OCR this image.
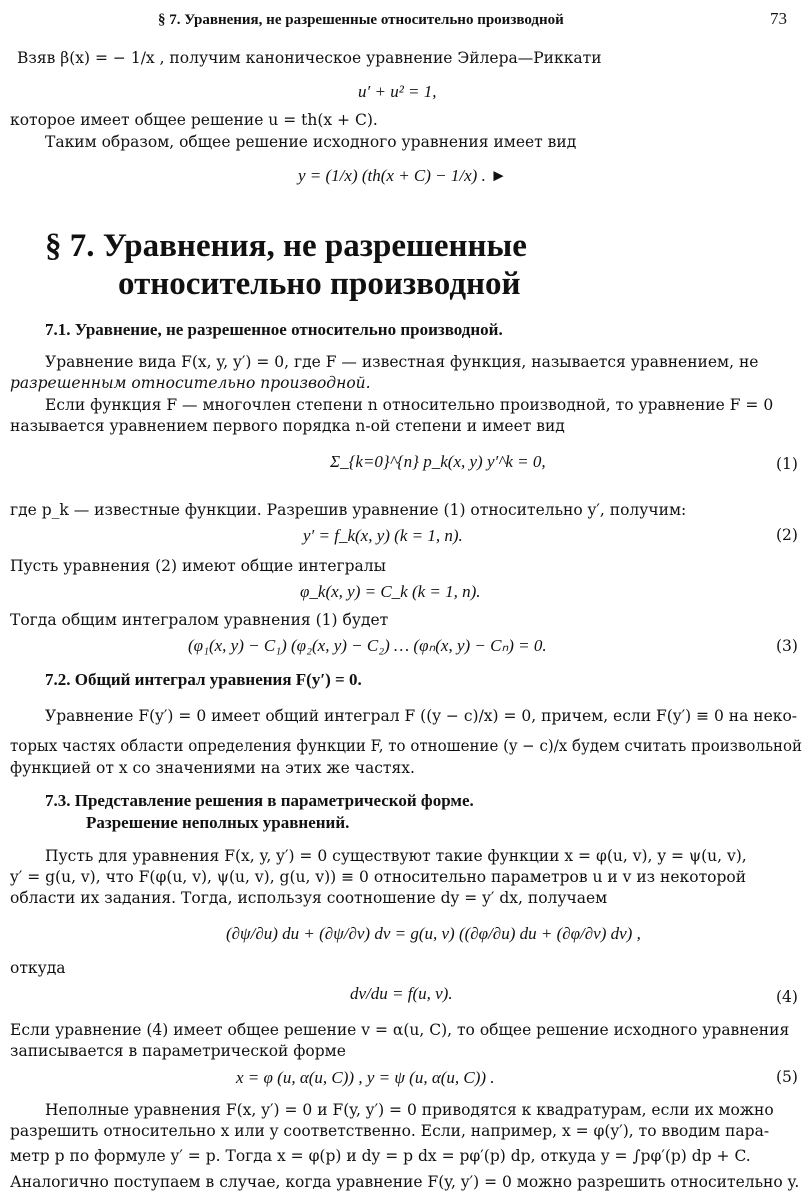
§ 7. Уравнения, не разрешенные относительно производной	73
Взяв β(x) = − 1/x , получим каноническое уравнение Эйлера—Риккати
u′ + u² = 1,
которое имеет общее решение u = th(x + C).
Таким образом, общее решение исходного уравнения имеет вид
y = (1/x) (th(x + C) − 1/x) . ►
§ 7. Уравнения, не разрешенные
относительно производной
7.1. Уравнение, не разрешенное относительно производной.
Уравнение вида F(x, y, y′) = 0, где F — известная функция, называется уравнением, не
разрешенным относительно производной.
Если функция F — многочлен степени n относительно производной, то уравнение F = 0
называется уравнением первого порядка n-ой степени и имеет вид
Σ_{k=0}^{n} p_k(x, y) y′^k = 0,	(1)
где p_k — известные функции. Разрешив уравнение (1) относительно y′, получим:
y′ = f_k(x, y) (k = 1, n).	(2)
Пусть уравнения (2) имеют общие интегралы
φ_k(x, y) = C_k (k = 1, n).
Тогда общим интегралом уравнения (1) будет
(φ₁(x, y) − C₁) (φ₂(x, y) − C₂) … (φₙ(x, y) − Cₙ) = 0.	(3)
7.2. Общий интеграл уравнения F(y′) = 0.
Уравнение F(y′) = 0 имеет общий интеграл F ((y − c)/x) = 0, причем, если F(y′) ≡ 0 на неко-
торых частях области определения функции F, то отношение (y − c)/x будем считать произвольной
функцией от x со значениями на этих же частях.
7.3. Представление решения в параметрической форме.
Разрешение неполных уравнений.
Пусть для уравнения F(x, y, y′) = 0 существуют такие функции x = φ(u, v), y = ψ(u, v),
y′ = g(u, v), что F(φ(u, v), ψ(u, v), g(u, v)) ≡ 0 относительно параметров u и v из некоторой
области их задания. Тогда, используя соотношение dy = y′ dx, получаем
(∂ψ/∂u) du + (∂ψ/∂v) dv = g(u, v) ((∂φ/∂u) du + (∂φ/∂v) dv) ,
откуда
dv/du = f(u, v).	(4)
Если уравнение (4) имеет общее решение v = α(u, C), то общее решение исходного уравнения
записывается в параметрической форме
x = φ (u, α(u, C)) , y = ψ (u, α(u, C)) .	(5)
Неполные уравнения F(x, y′) = 0 и F(y, y′) = 0 приводятся к квадратурам, если их можно
разрешить относительно x или y соответственно. Если, например, x = φ(y′), то вводим пара-
метр p по формуле y′ = p. Тогда x = φ(p) и dy = p dx = pφ′(p) dp, откуда y = ∫pφ′(p) dp + C.
Аналогично поступаем в случае, когда уравнение F(y, y′) = 0 можно разрешить относительно y.
